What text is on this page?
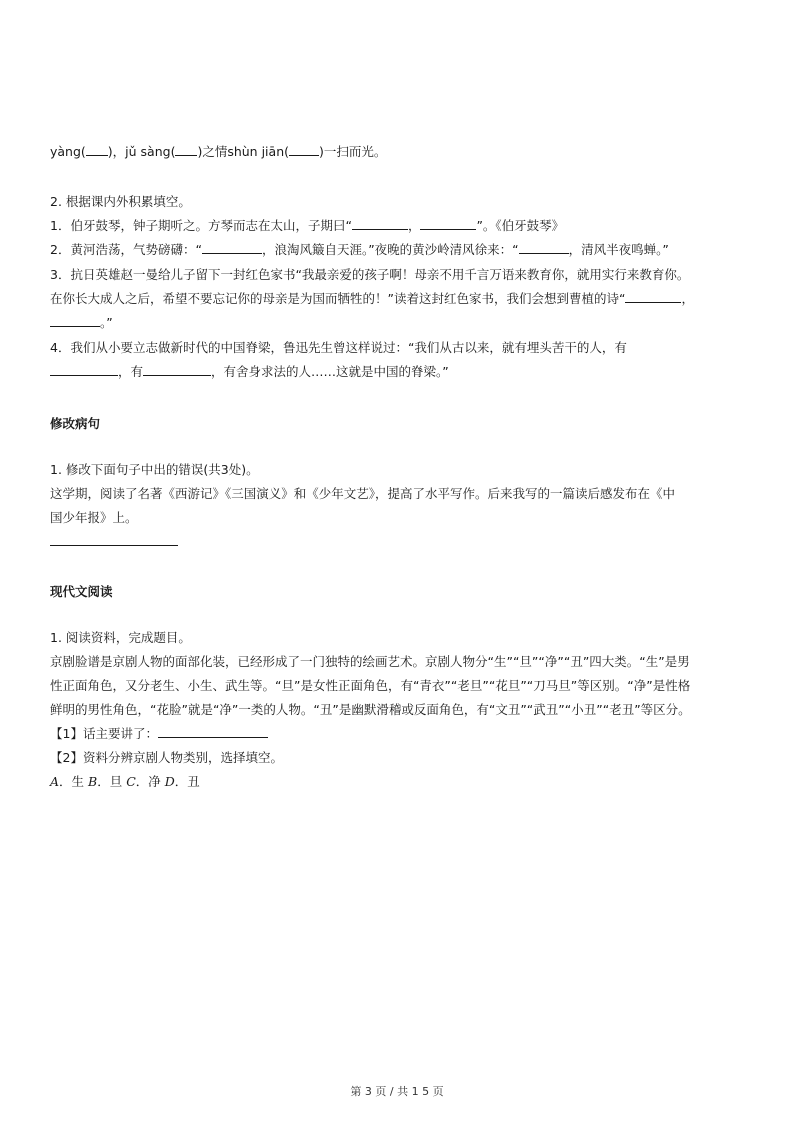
yàng( )，jǔ sàng( )之情shùn jiān( )一扫而光。
2. 根据课内外积累填空。
1．伯牙鼓琴，钟子期听之。方琴而志在太山，子期曰“	，	”。《伯牙鼓琴》
2．黄河浩荡，气势磅礴：“	，浪淘风簸自天涯。”夜晚的黄沙岭清风徐来：“	，清风半夜鸣蝉。”
3．抗日英雄赵一曼给儿子留下一封红色家书“我最亲爱的孩子啊！母亲不用千言万语来教育你，就用实行来教育你。
在你长大成人之后，希望不要忘记你的母亲是为国而牺牲的！”读着这封红色家书，我们会想到曹植的诗“	，
。”
4．我们从小要立志做新时代的中国脊梁，鲁迅先生曾这样说过：“我们从古以来，就有埋头苦干的人，有
，有	，有舍身求法的人……这就是中国的脊梁。”
修改病句
1. 修改下面句子中出的错误(共3处)。
这学期，阅读了名著《西游记》《三国演义》和《少年文艺》，提高了水平写作。后来我写的一篇读后感发布在《中
国少年报》上。
现代文阅读
1. 阅读资料，完成题目。
京剧脸谱是京剧人物的面部化装，已经形成了一门独特的绘画艺术。京剧人物分“生”“旦”“净”“丑”四大类。“生”是男
性正面角色，又分老生、小生、武生等。“旦”是女性正面角色，有“青衣”“老旦”“花旦”“刀马旦”等区别。“净”是性格
鲜明的男性角色，“花脸”就是“净”一类的人物。“丑”是幽默滑稽或反面角色，有“文丑”“武丑”“小丑”“老丑”等区分。
【1】话主要讲了：
【2】资料分辨京剧人物类别，选择填空。
A．生 B．旦 C．净 D．丑
第 3 页 / 共 1 5 页
